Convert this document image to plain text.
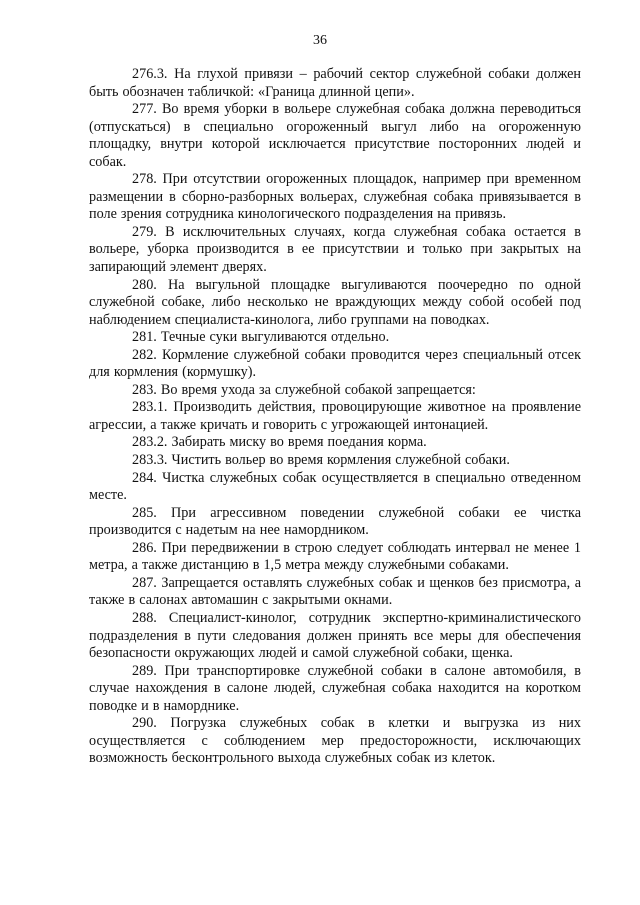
36

276.3. На глухой привязи – рабочий сектор служебной собаки должен быть обозначен табличкой: «Граница длинной цепи».

277. Во время уборки в вольере служебная собака должна переводиться (отпускаться) в специально огороженный выгул либо на огороженную площадку, внутри которой исключается присутствие посторонних людей и собак.

278. При отсутствии огороженных площадок, например при временном размещении в сборно-разборных вольерах, служебная собака привязывается в поле зрения сотрудника кинологического подразделения на привязь.

279. В исключительных случаях, когда служебная собака остается в вольере, уборка производится в ее присутствии и только при закрытых на запирающий элемент дверях.

280. На выгульной площадке выгуливаются поочередно по одной служебной собаке, либо несколько не враждующих между собой особей под наблюдением специалиста-кинолога, либо группами на поводках.

281. Течные суки выгуливаются отдельно.

282. Кормление служебной собаки проводится через специальный отсек для кормления (кормушку).

283. Во время ухода за служебной собакой запрещается:

283.1. Производить действия, провоцирующие животное на проявление агрессии, а также кричать и говорить с угрожающей интонацией.

283.2. Забирать миску во время поедания корма.

283.3. Чистить вольер во время кормления служебной собаки.

284. Чистка служебных собак осуществляется в специально отведенном месте.

285. При агрессивном поведении служебной собаки ее чистка производится с надетым на нее намордником.

286. При передвижении в строю следует соблюдать интервал не менее 1 метра, а также дистанцию в 1,5 метра между служебными собаками.

287. Запрещается оставлять служебных собак и щенков без присмотра, а также в салонах автомашин с закрытыми окнами.

288. Специалист-кинолог, сотрудник экспертно-криминалистического подразделения в пути следования должен принять все меры для обеспечения безопасности окружающих людей и самой служебной собаки, щенка.

289. При транспортировке служебной собаки в салоне автомобиля, в случае нахождения в салоне людей, служебная собака находится на коротком поводке и в наморднике.

290. Погрузка служебных собак в клетки и выгрузка из них осуществляется с соблюдением мер предосторожности, исключающих возможность бесконтрольного выхода служебных собак из клеток.
